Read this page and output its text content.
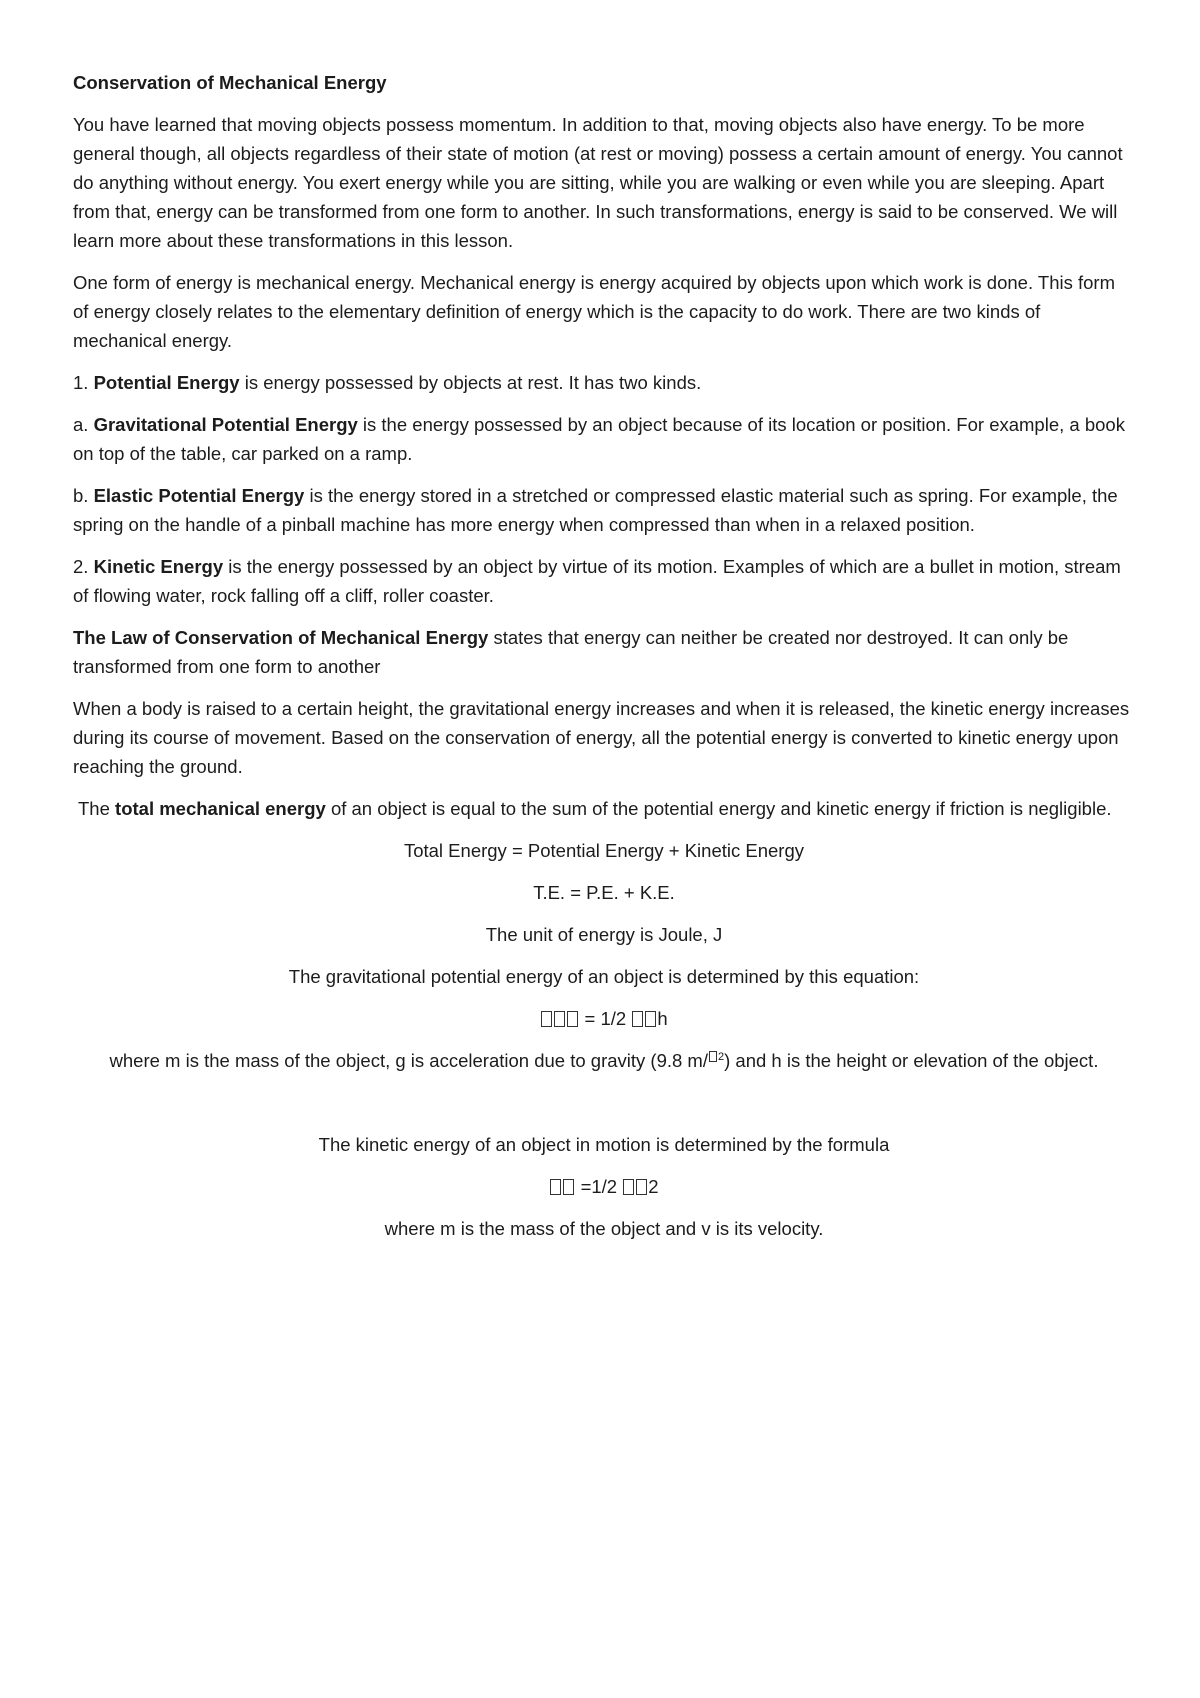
Conservation of Mechanical Energy

You have learned that moving objects possess momentum. In addition to that, moving objects also have energy. To be more general though, all objects regardless of their state of motion (at rest or moving) possess a certain amount of energy. You cannot do anything without energy. You exert energy while you are sitting, while you are walking or even while you are sleeping. Apart from that, energy can be transformed from one form to another. In such transformations, energy is said to be conserved. We will learn more about these transformations in this lesson.

One form of energy is mechanical energy. Mechanical energy is energy acquired by objects upon which work is done. This form of energy closely relates to the elementary definition of energy which is the capacity to do work. There are two kinds of mechanical energy.

1. Potential Energy is energy possessed by objects at rest. It has two kinds.

a. Gravitational Potential Energy is the energy possessed by an object because of its location or position. For example, a book on top of the table, car parked on a ramp.

b. Elastic Potential Energy is the energy stored in a stretched or compressed elastic material such as spring. For example, the spring on the handle of a pinball machine has more energy when compressed than when in a relaxed position.

2. Kinetic Energy is the energy possessed by an object by virtue of its motion. Examples of which are a bullet in motion, stream of flowing water, rock falling off a cliff, roller coaster.

The Law of Conservation of Mechanical Energy states that energy can neither be created nor destroyed. It can only be transformed from one form to another

When a body is raised to a certain height, the gravitational energy increases and when it is released, the kinetic energy increases during its course of movement. Based on the conservation of energy, all the potential energy is converted to kinetic energy upon reaching the ground.

The total mechanical energy of an object is equal to the sum of the potential energy and kinetic energy if friction is negligible.

Total Energy = Potential Energy + Kinetic Energy

T.E. = P.E. + K.E.

The unit of energy is Joule, J

The gravitational potential energy of an object is determined by this equation:

= 1/2 h

where m is the mass of the object, g is acceleration due to gravity (9.8 m/ $^2$) and h is the height or elevation of the object.

The kinetic energy of an object in motion is determined by the formula

=1/2 2

where m is the mass of the object and v is its velocity.
